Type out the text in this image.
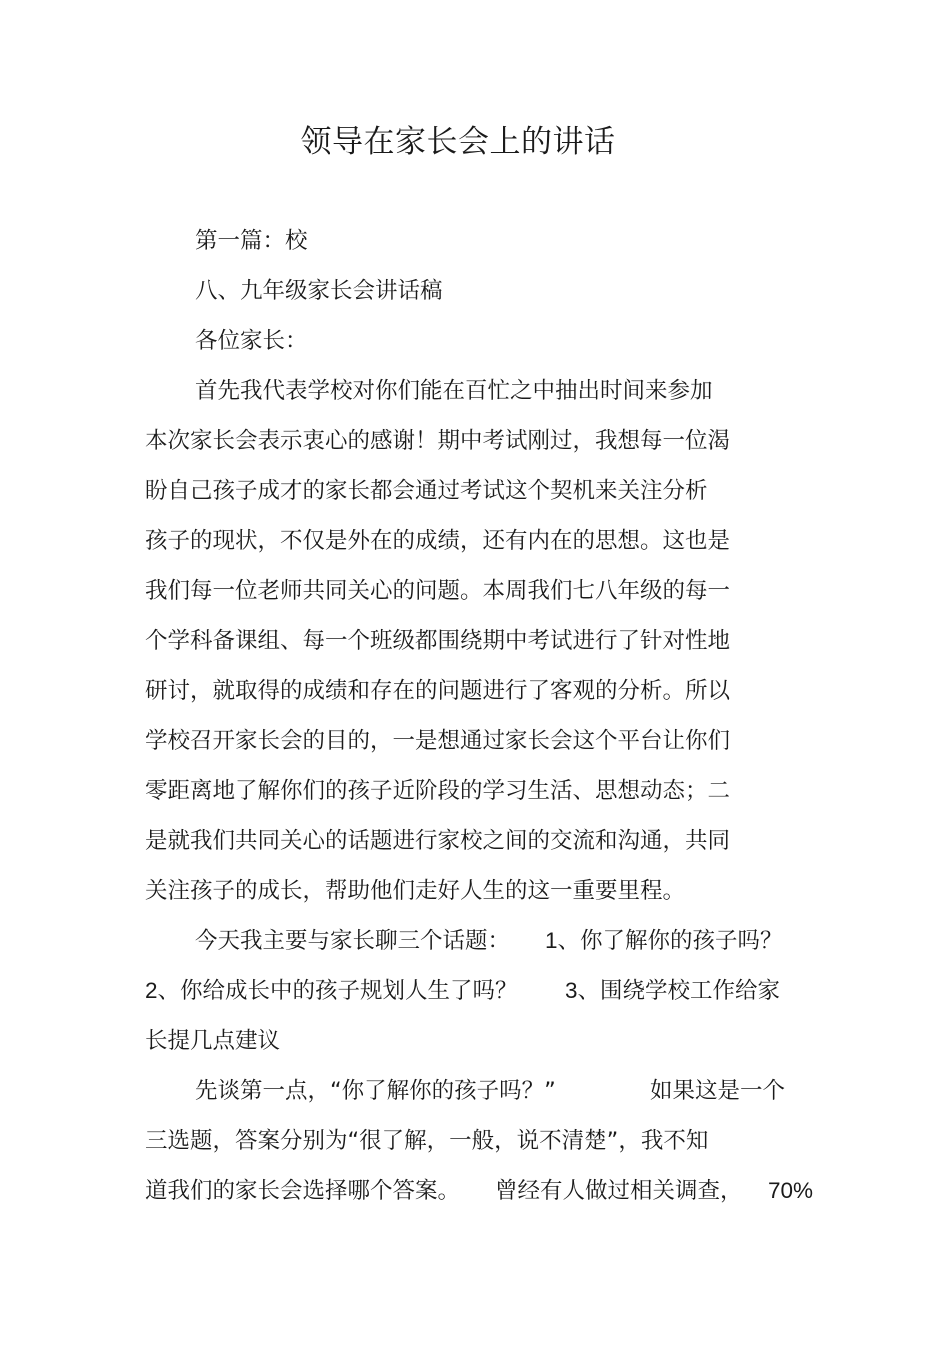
领导在家长会上的讲话
第一篇：校
八、九年级家长会讲话稿
各位家长：
首先我代表学校对你们能在百忙之中抽出时间来参加
本次家长会表示衷心的感谢！期中考试刚过，我想每一位渴
盼自己孩子成才的家长都会通过考试这个契机来关注分析
孩子的现状，不仅是外在的成绩，还有内在的思想。这也是
我们每一位老师共同关心的问题。本周我们七八年级的每一
个学科备课组、每一个班级都围绕期中考试进行了针对性地
研讨，就取得的成绩和存在的问题进行了客观的分析。所以
学校召开家长会的目的，一是想通过家长会这个平台让你们
零距离地了解你们的孩子近阶段的学习生活、思想动态；二
是就我们共同关心的话题进行家校之间的交流和沟通，共同
关注孩子的成长，帮助他们走好人生的这一重要里程。
今天我主要与家长聊三个话题： 1、你了解你的孩子吗？
2、你给成长中的孩子规划人生了吗？ 3、围绕学校工作给家
长提几点建议
先谈第一点，“你了解你的孩子吗？”	如果这是一个
三选题，答案分别为“很了解，一般，说不清楚”，我不知
道我们的家长会选择哪个答案。 曾经有人做过相关调查， 70%
